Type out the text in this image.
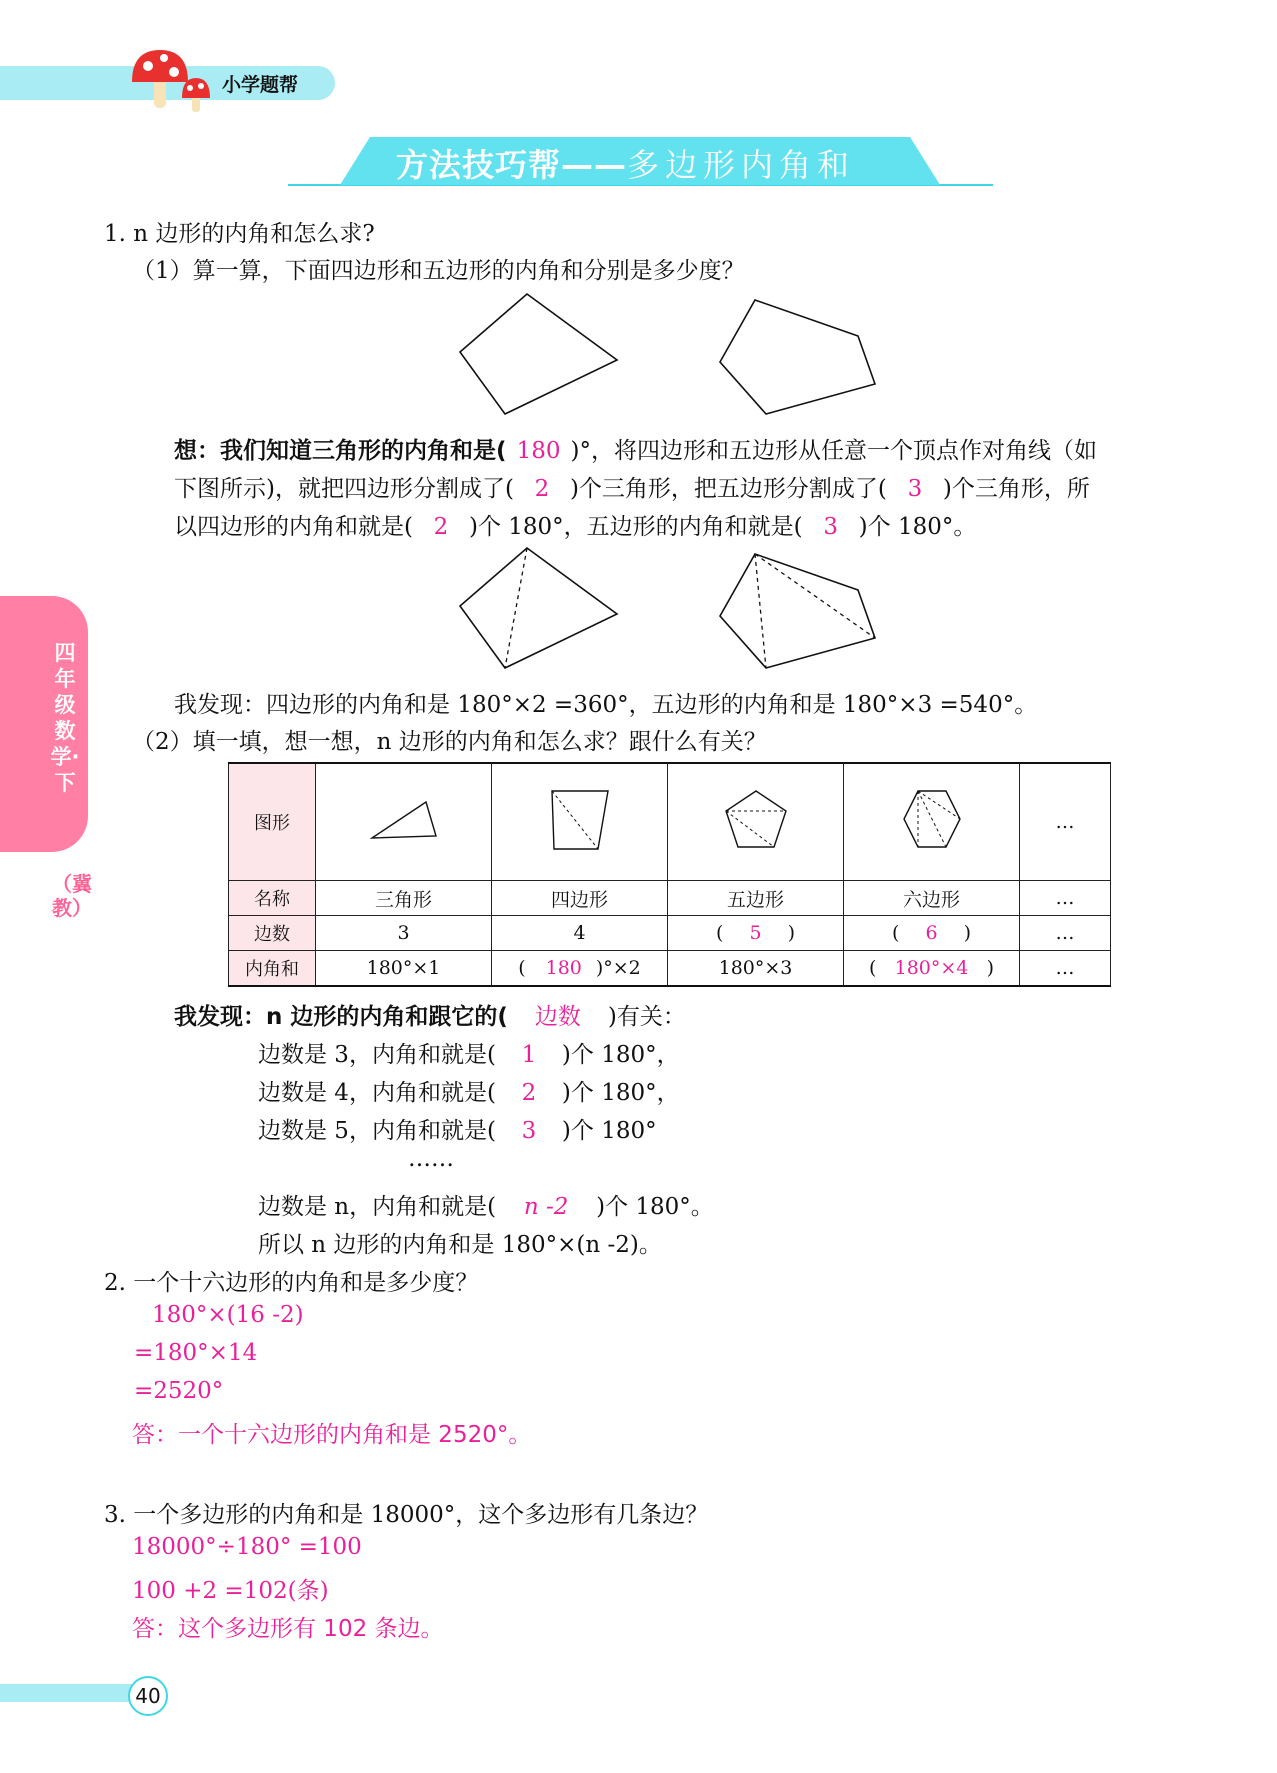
小学题帮
方法技巧帮——多边形内角和
四年级数学·下
（冀教）
1. n 边形的内角和怎么求?
（1）算一算，下面四边形和五边形的内角和分别是多少度？
想：我们知道三角形的内角和是( 180 )°，将四边形和五边形从任意一个顶点作对角线（如
下图所示)，就把四边形分割成了( 2 )个三角形，把五边形分割成了( 3 )个三角形，所
以四边形的内角和就是( 2 )个 180°，五边形的内角和就是( 3 )个 180°。
我发现：四边形的内角和是 180°×2 =360°，五边形的内角和是 180°×3 =540°。
（2）填一填，想一想，n 边形的内角和怎么求？跟什么有关？
图形					…
名称	三角形	四边形	五边形	六边形	…
边数	3	4	(  5  )	(  6  )	…
内角和	180°×1	(  180 )°×2	180°×3	(  180°×4  )	…
我发现：n 边形的内角和跟它的( 边数 )有关：
边数是 3，内角和就是( 1 )个 180°，
边数是 4，内角和就是( 2 )个 180°，
边数是 5，内角和就是( 3 )个 180°
……
边数是 n，内角和就是( n -2 )个 180°。
所以 n 边形的内角和是 180°×(n -2)。
2. 一个十六边形的内角和是多少度？
180°×(16 -2)
=180°×14
=2520°
答：一个十六边形的内角和是 2520°。
3. 一个多边形的内角和是 18000°，这个多边形有几条边？
18000°÷180° =100
100 +2 =102(条)
答：这个多边形有 102 条边。
40
